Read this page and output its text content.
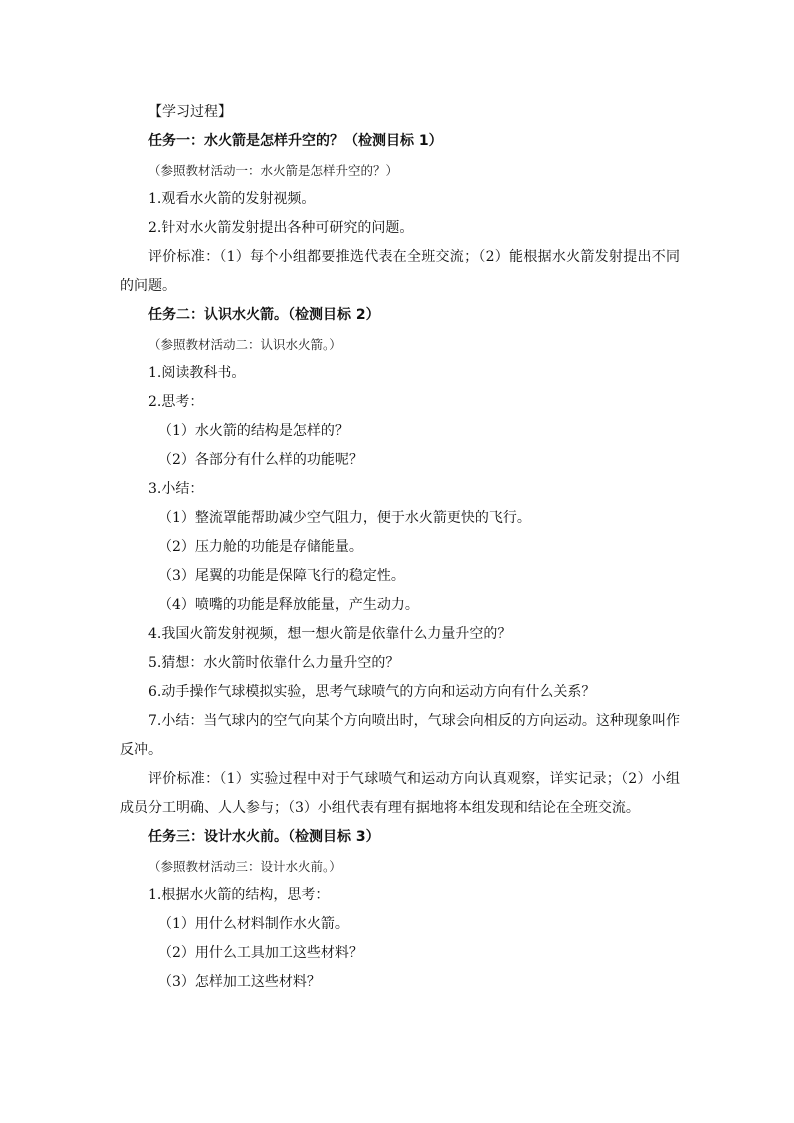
【学习过程】
任务一：水火箭是怎样升空的？（检测目标 1）
（参照教材活动一：水火箭是怎样升空的？）
1.观看水火箭的发射视频。
2.针对水火箭发射提出各种可研究的问题。
评价标准：（1）每个小组都要推选代表在全班交流；（2）能根据水火箭发射提出不同的问题。
任务二：认识水火箭。（检测目标 2）
（参照教材活动二：认识水火箭。）
1.阅读教科书。
2.思考：
（1）水火箭的结构是怎样的？
（2）各部分有什么样的功能呢？
3.小结：
（1）整流罩能帮助减少空气阻力，便于水火箭更快的飞行。
（2）压力舱的功能是存储能量。
（3）尾翼的功能是保障飞行的稳定性。
（4）喷嘴的功能是释放能量，产生动力。
4.我国火箭发射视频，想一想火箭是依靠什么力量升空的？
5.猜想：水火箭时依靠什么力量升空的？
6.动手操作气球模拟实验，思考气球喷气的方向和运动方向有什么关系？
7.小结：当气球内的空气向某个方向喷出时，气球会向相反的方向运动。这种现象叫作反冲。
评价标准：（1）实验过程中对于气球喷气和运动方向认真观察，详实记录；（2）小组成员分工明确、人人参与；（3）小组代表有理有据地将本组发现和结论在全班交流。
任务三：设计水火前。（检测目标 3）
（参照教材活动三：设计水火前。）
1.根据水火箭的结构，思考：
（1）用什么材料制作水火箭。
（2）用什么工具加工这些材料？
（3）怎样加工这些材料？
